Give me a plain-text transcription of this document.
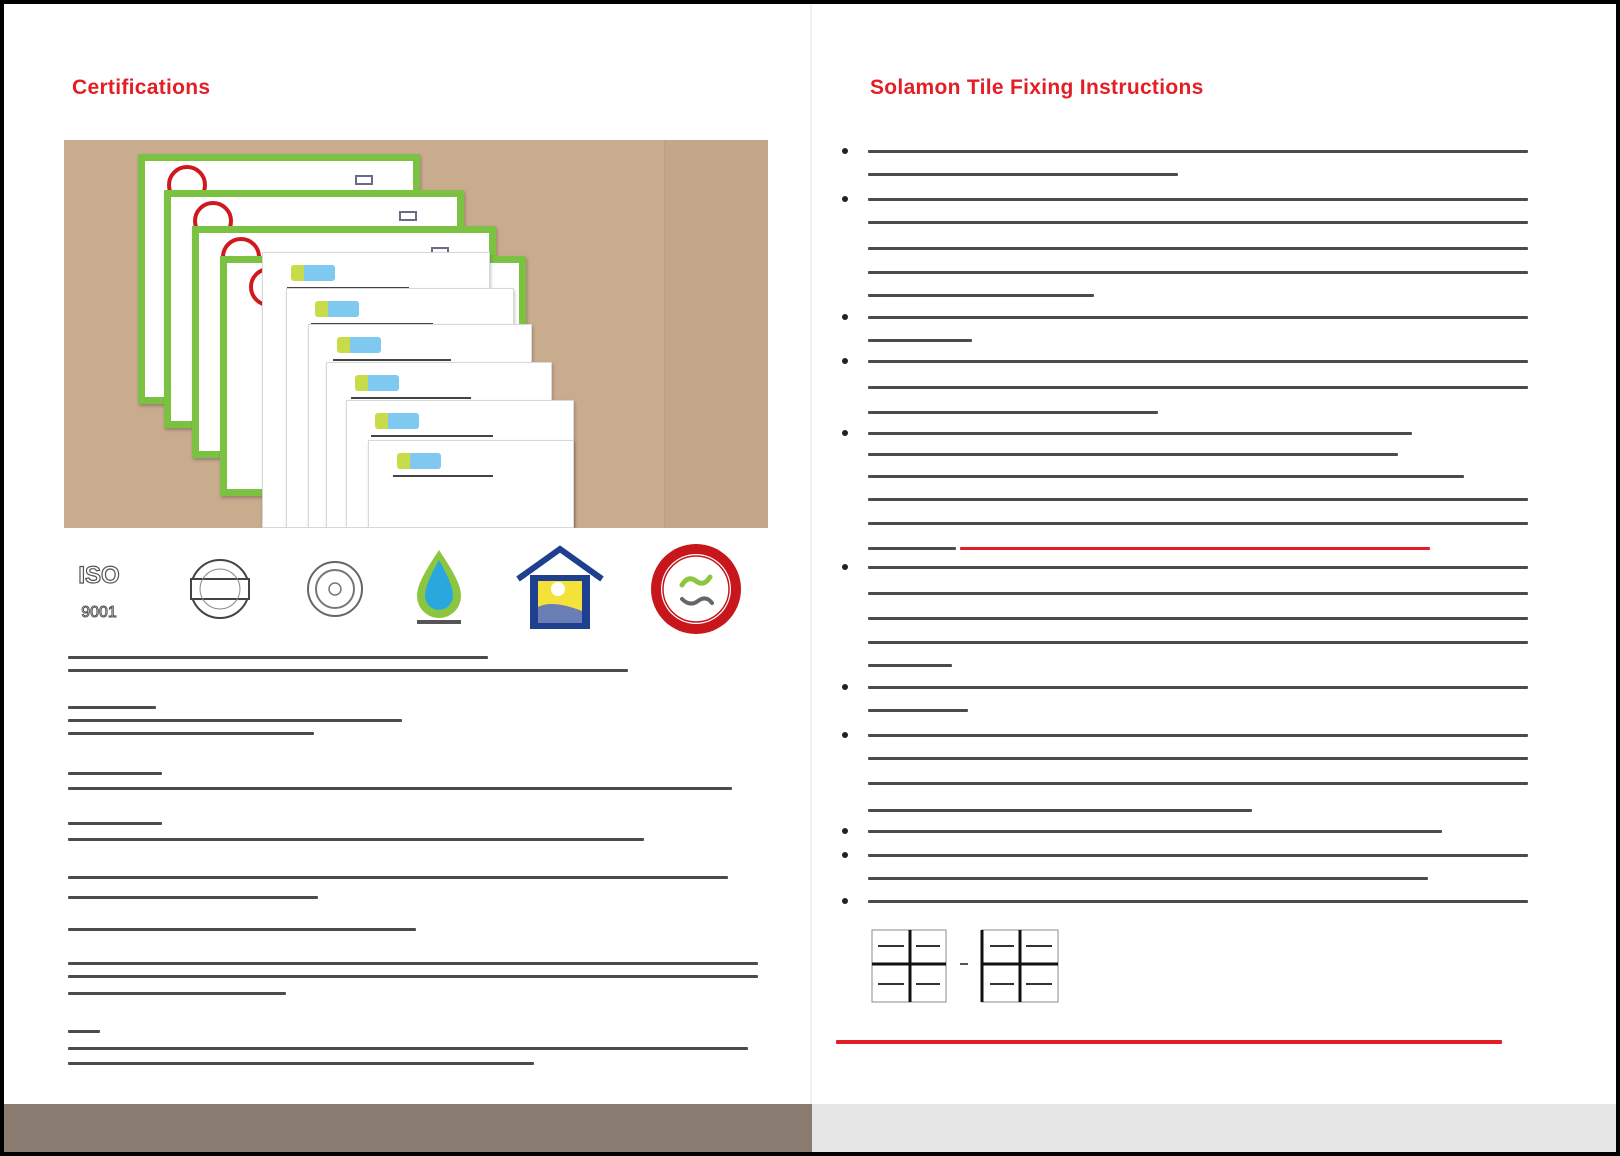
Certifications
ISO
9001
Solamon Tile Fixing Instructions
